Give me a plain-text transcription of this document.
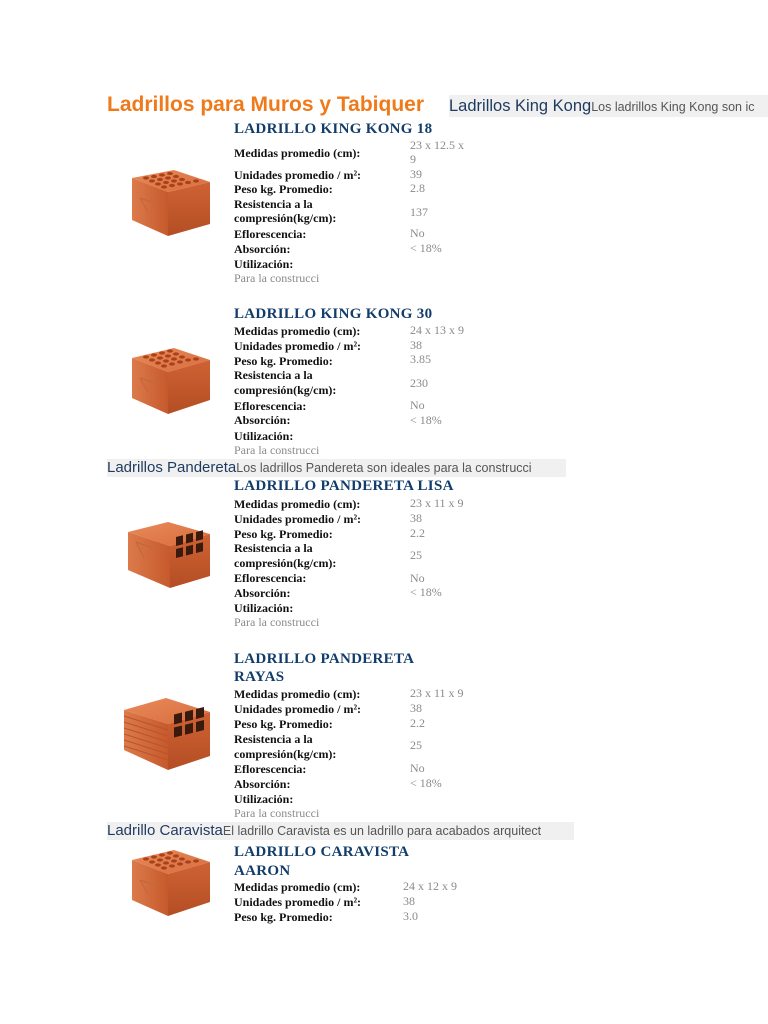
Ladrillos para Muros y Tabiquer Ladrillos King KongLos ladrillos King Kong son ic
LADRILLO KING KONG 18
Medidas promedio (cm):
23 x 12.5 x
9
Unidades promedio / m²:	39
Peso kg. Promedio:	2.8
Resistencia a la
compresión(kg/cm):	137
Eflorescencia:	No
Absorción:	< 18%
Utilización:
Para la construcci
LADRILLO KING KONG 30
Medidas promedio (cm):	24 x 13 x 9
Unidades promedio / m²:	38
Peso kg. Promedio:	3.85
Resistencia a la
compresión(kg/cm):	230
Eflorescencia:	No
Absorción:	< 18%
Utilización:
Para la construcci
Ladrillos PanderetaLos ladrillos Pandereta son ideales para la construcci
LADRILLO PANDERETA LISA
Medidas promedio (cm):	23 x 11 x 9
Unidades promedio / m²:	38
Peso kg. Promedio:	2.2
Resistencia a la
compresión(kg/cm):
25
Eflorescencia:	No
Absorción:	< 18%
Utilización:
Para la construcci
LADRILLO PANDERETA
RAYAS
Medidas promedio (cm):	23 x 11 x 9
Unidades promedio / m²:	38
Peso kg. Promedio:	2.2
Resistencia a la
compresión(kg/cm):
25
Eflorescencia:	No
Absorción:	< 18%
Utilización:
Para la construcci
Ladrillo CaravistaEl ladrillo Caravista es un ladrillo para acabados arquitect
LADRILLO CARAVISTA
AARON
Medidas promedio (cm):	24 x 12 x 9
Unidades promedio / m²:	38
Peso kg. Promedio:	3.0
